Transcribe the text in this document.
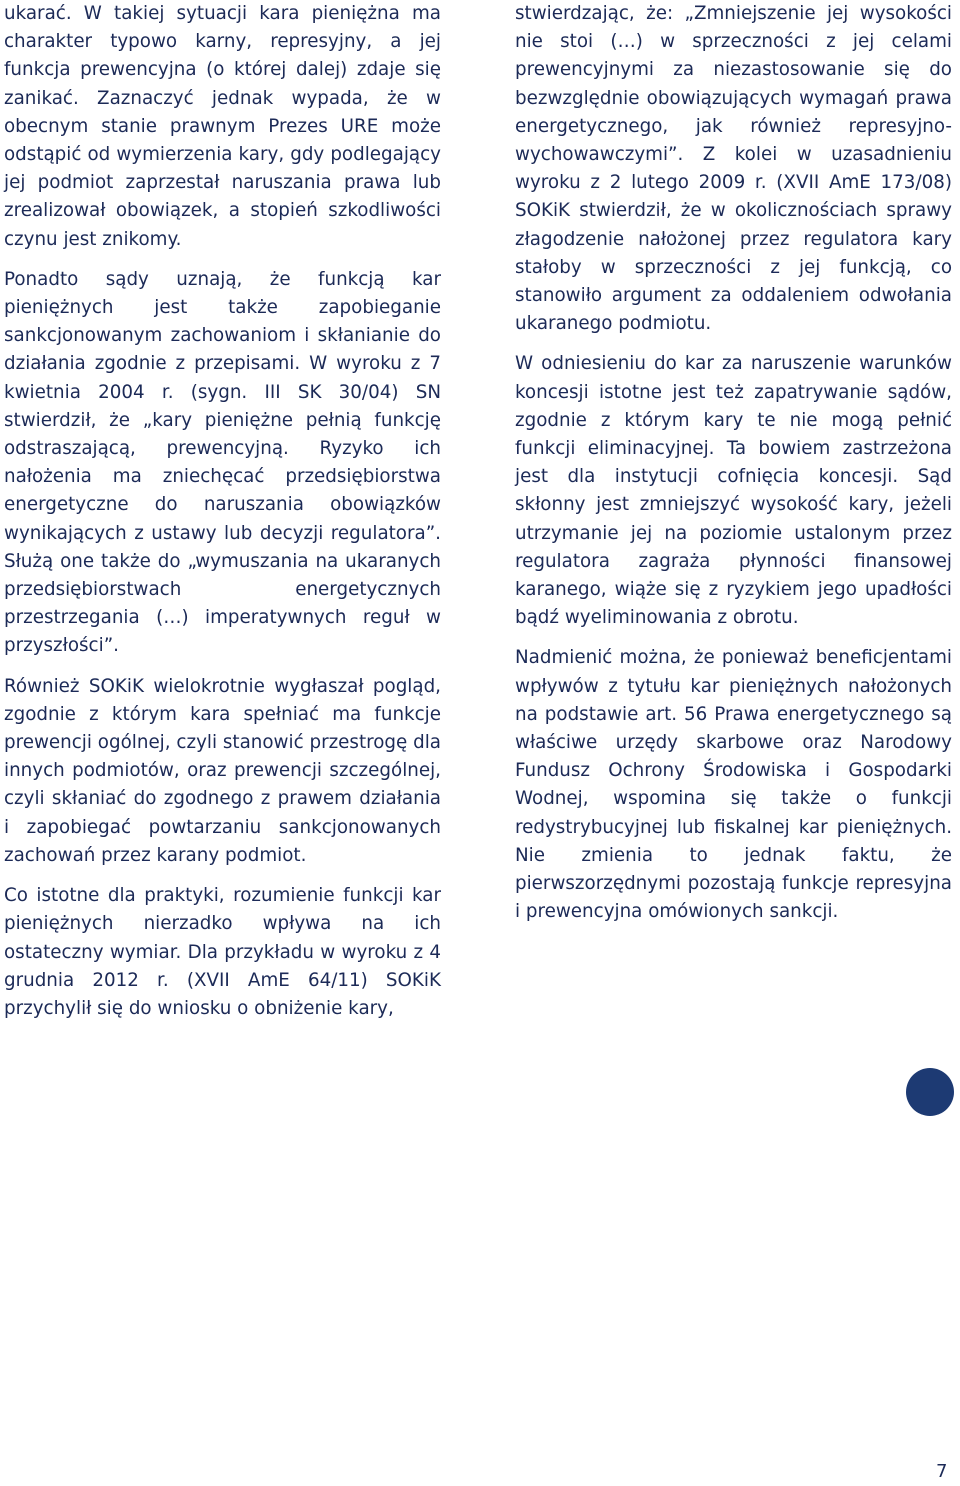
ukarać. W takiej sytuacji kara pieniężna ma charakter typowo karny, represyjny, a jej funkcja prewencyjna (o której dalej) zdaje się zanikać. Zaznaczyć jednak wypada, że w obecnym stanie prawnym Prezes URE może odstąpić od wymierzenia kary, gdy podlegający jej podmiot zaprzestał naruszania prawa lub zrealizował obowiązek, a stopień szkodliwości czynu jest znikomy.

Ponadto sądy uznają, że funkcją kar pieniężnych jest także zapobieganie sankcjonowanym zachowaniom i skłanianie do działania zgodnie z przepisami. W wyroku z 7 kwietnia 2004 r. (sygn. III SK 30/04) SN stwierdził, że „kary pieniężne pełnią funkcję odstraszającą, prewencyjną. Ryzyko ich nałożenia ma zniechęcać przedsiębiorstwa energetyczne do naruszania obowiązków wynikających z ustawy lub decyzji regulatora”. Służą one także do „wymuszania na ukaranych przedsiębiorstwach energetycznych przestrzegania (…) imperatywnych reguł w przyszłości”.

Również SOKiK wielokrotnie wygłaszał pogląd, zgodnie z którym kara spełniać ma funkcje prewencji ogólnej, czyli stanowić przestrogę dla innych podmiotów, oraz prewencji szczególnej, czyli skłaniać do zgodnego z prawem działania i zapobiegać powtarzaniu sankcjonowanych zachowań przez karany podmiot.

Co istotne dla praktyki, rozumienie funkcji kar pieniężnych nierzadko wpływa na ich ostateczny wymiar. Dla przykładu w wyroku z 4 grudnia 2012 r. (XVII AmE 64/11) SOKiK przychylił się do wniosku o obniżenie kary,

stwierdzając, że: „Zmniejszenie jej wysokości nie stoi (…) w sprzeczności z jej celami prewencyjnymi za niezastosowanie się do bezwzględnie obowiązujących wymagań prawa energetycznego, jak również represyjno-wychowawczymi”. Z kolei w uzasadnieniu wyroku z 2 lutego 2009 r. (XVII AmE 173/08) SOKiK stwierdził, że w okolicznościach sprawy złagodzenie nałożonej przez regulatora kary stałoby w sprzeczności z jej funkcją, co stanowiło argument za oddaleniem odwołania ukaranego podmiotu.

W odniesieniu do kar za naruszenie warunków koncesji istotne jest też zapatrywanie sądów, zgodnie z którym kary te nie mogą pełnić funkcji eliminacyjnej. Ta bowiem zastrzeżona jest dla instytucji cofnięcia koncesji. Sąd skłonny jest zmniejszyć wysokość kary, jeżeli utrzymanie jej na poziomie ustalonym przez regulatora zagraża płynności finansowej karanego, wiąże się z ryzykiem jego upadłości bądź wyeliminowania z obrotu.

Nadmienić można, że ponieważ beneficjentami wpływów z tytułu kar pieniężnych nałożonych na podstawie art. 56 Prawa energetycznego są właściwe urzędy skarbowe oraz Narodowy Fundusz Ochrony Środowiska i Gospodarki Wodnej, wspomina się także o funkcji redystrybucyjnej lub fiskalnej kar pieniężnych. Nie zmienia to jednak faktu, że pierwszorzędnymi pozostają funkcje represyjna i prewencyjna omówionych sankcji.

7
